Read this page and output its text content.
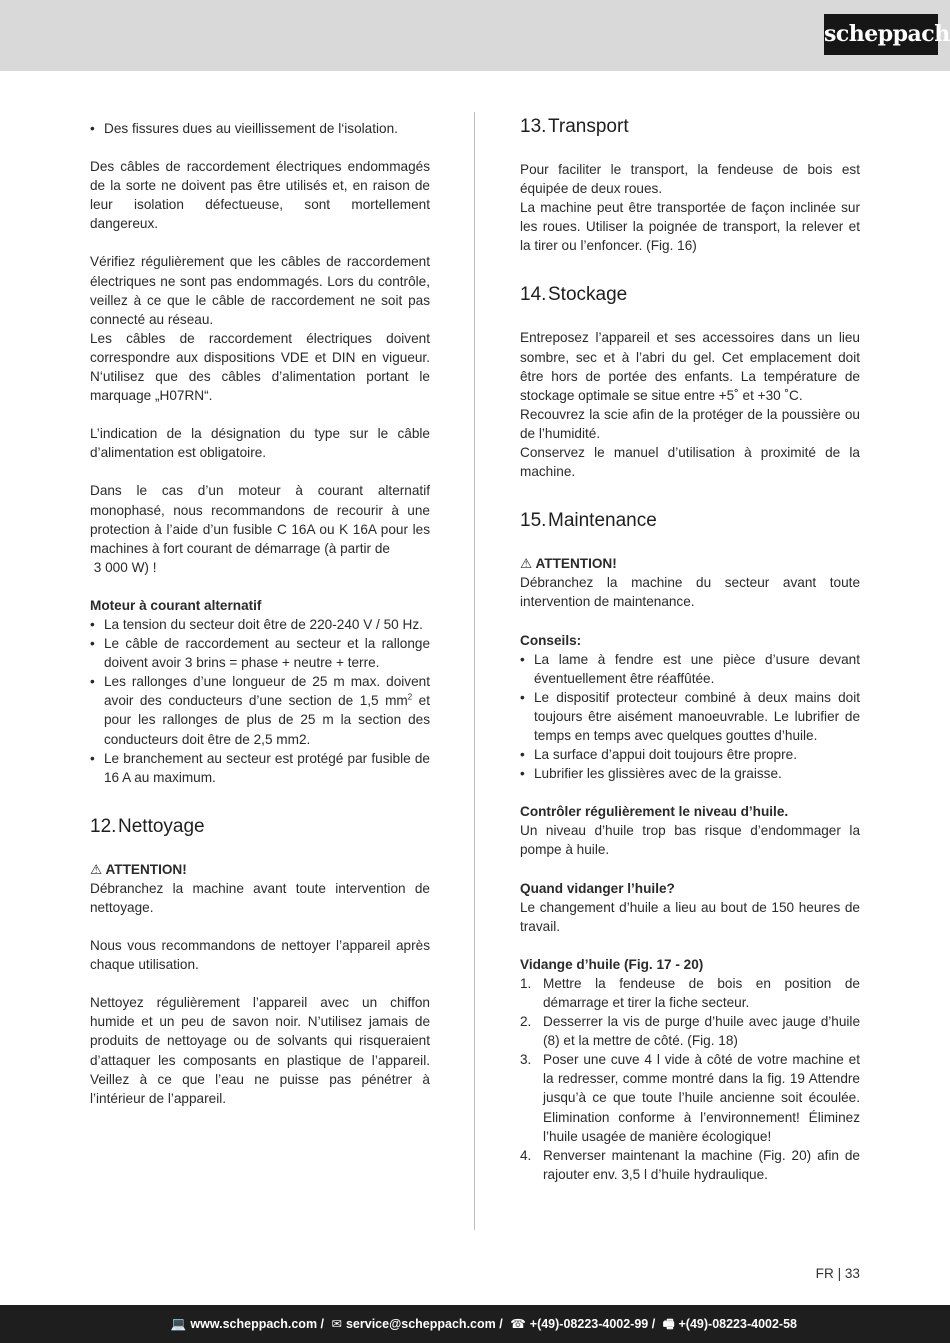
scheppach
• Des fissures dues au vieillissement de l‘isolation.

Des câbles de raccordement électriques endommagés de la sorte ne doivent pas être utilisés et, en raison de leur isolation défectueuse, sont mortellement dangereux.

Vérifiez régulièrement que les câbles de raccordement électriques ne sont pas endommagés. Lors du contrôle, veillez à ce que le câble de raccordement ne soit pas connecté au réseau.

Les câbles de raccordement électriques doivent correspondre aux dispositions VDE et DIN en vigueur. N‘utilisez que des câbles d’alimentation portant le marquage „H07RN“.

L’indication de la désignation du type sur le câble d’alimentation est obligatoire.

Dans le cas d’un moteur à courant alternatif monophasé, nous recommandons de recourir à une protection à l’aide d’un fusible C 16A ou K 16A pour les machines à fort courant de démarrage (à partir de

3 000 W) !

Moteur à courant alternatif
• La tension du secteur doit être de 220-240 V / 50 Hz.
• Le câble de raccordement au secteur et la rallonge doivent avoir 3 brins = phase + neutre + terre.
• Les rallonges d’une longueur de 25 m max. doivent avoir des conducteurs d’une section de 1,5 $mm^2$ et pour les rallonges de plus de 25 m la section des conducteurs doit être de 2,5 mm2.
• Le branchement au secteur est protégé par fusible de 16 A au maximum.
12.Nettoyage
⚠ ATTENTION!

Débranchez la machine avant toute intervention de nettoyage.

Nous vous recommandons de nettoyer l’appareil après chaque utilisation.

Nettoyez régulièrement l’appareil avec un chiffon humide et un peu de savon noir. N’utilisez jamais de produits de nettoyage ou de solvants qui risqueraient d’attaquer les composants en plastique de l’appareil. Veillez à ce que l’eau ne puisse pas pénétrer à l’intérieur de l’appareil.

13.Transport

Pour faciliter le transport, la fendeuse de bois est équipée de deux roues.

La machine peut être transportée de façon inclinée sur les roues. Utiliser la poignée de transport, la relever et la tirer ou l’enfoncer. (Fig. 16)

14.Stockage

Entreposez l’appareil et ses accessoires dans un lieu sombre, sec et à l’abri du gel. Cet emplacement doit être hors de portée des enfants. La température de stockage optimale se situe entre +5˚ et +30 ˚C.

Recouvrez la scie afin de la protéger de la poussière ou de l’humidité.

Conservez le manuel d’utilisation à proximité de la machine.

15.Maintenance
⚠ ATTENTION!

Débranchez la machine du secteur avant toute intervention de maintenance.

Conseils:
• La lame à fendre est une pièce d’usure devant éventuellement être réaffûtée.
• Le dispositif protecteur combiné à deux mains doit toujours être aisément manoeuvrable. Le lubrifier de temps en temps avec quelques gouttes d’huile.
• La surface d’appui doit toujours être propre.
• Lubrifier les glissières avec de la graisse.
Contrôler régulièrement le niveau d’huile.

Un niveau d’huile trop bas risque d’endommager la pompe à huile.

Quand vidanger l’huile?

Le changement d’huile a lieu au bout de 150 heures de travail.

Vidange d’huile (Fig. 17 - 20)
1. Mettre la fendeuse de bois en position de démarrage et tirer la fiche secteur.
2. Desserrer la vis de purge d’huile avec jauge d’huile (8) et la mettre de côté. (Fig. 18)
3. Poser une cuve 4 l vide à côté de votre machine et la redresser, comme montré dans la fig. 19 Attendre jusqu’à ce que toute l’huile ancienne soit écoulée. Elimination conforme à l’environnement! Éliminez l’huile usagée de manière écologique!
4. Renverser maintenant la machine (Fig. 20) afin de rajouter env. 3,5 l d’huile hydraulique.
FR | 33
💻 www.scheppach.com / ✉ service@scheppach.com / ☎ +(49)-08223-4002-99 / 🖷 +(49)-08223-4002-58
